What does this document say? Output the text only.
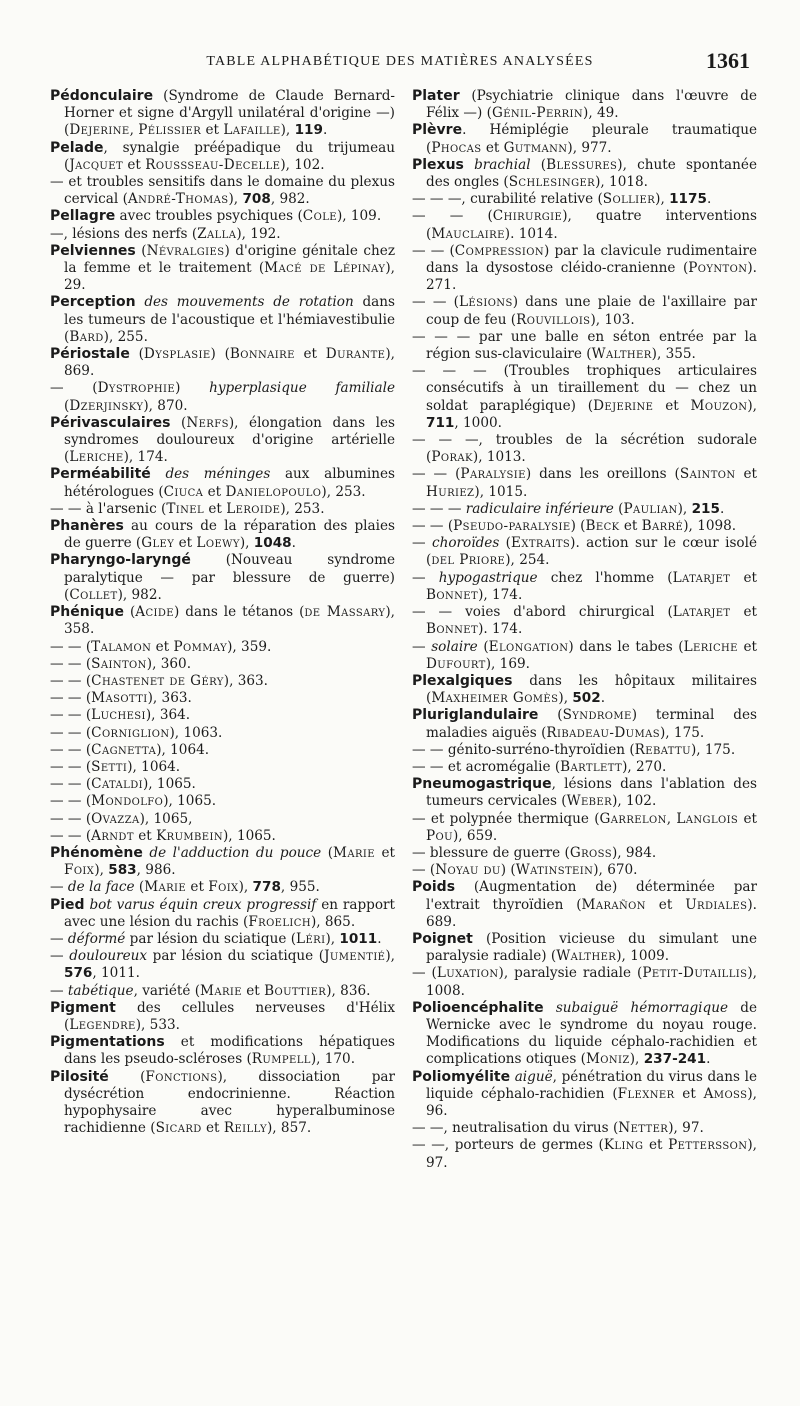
TABLE ALPHABÉTIQUE DES MATIÈRES ANALYSÉES	1361
Pédonculaire (Syndrome de Claude Bernard-Horner et signe d'Argyll unilatéral d'origine —) (Dejerine, Pélissier et Lafaille), 119.
Pelade, synalgie préépadique du trijumeau (Jacquet et Roussseau-Decelle), 102.
— et troubles sensitifs dans le domaine du plexus cervical (André-Thomas), 708, 982.
Pellagre avec troubles psychiques (Cole), 109.
—, lésions des nerfs (Zalla), 192.
Pelviennes (Névralgies) d'origine génitale chez la femme et le traitement (Macé de Lépinay), 29.
Perception des mouvements de rotation dans les tumeurs de l'acoustique et l'hémiavestibulie (Bard), 255.
Périostale (Dysplasie) (Bonnaire et Durante), 869.
— (Dystrophie) hyperplasique familiale (Dzerjinsky), 870.
Périvasculaires (Nerfs), élongation dans les syndromes douloureux d'origine artérielle (Leriche), 174.
Perméabilité des méninges aux albumines hétérologues (Ciuca et Danielopoulo), 253.
— — à l'arsenic (Tinel et Leroide), 253.
Phanères au cours de la réparation des plaies de guerre (Gley et Loewy), 1048.
Pharyngo-laryngé (Nouveau syndrome paralytique — par blessure de guerre) (Collet), 982.
Phénique (Acide) dans le tétanos (de Massary), 358.
— — (Talamon et Pommay), 359.
— — (Sainton), 360.
— — (Chastenet de Géry), 363.
— — (Masotti), 363.
— — (Luchesi), 364.
— — (Corniglion), 1063.
— — (Cagnetta), 1064.
— — (Setti), 1064.
— — (Cataldi), 1065.
— — (Mondolfo), 1065.
— — (Ovazza), 1065,
— — (Arndt et Krumbein), 1065.
Phénomène de l'adduction du pouce (Marie et Foix), 583, 986.
— de la face (Marie et Foix), 778, 955.
Pied bot varus équin creux progressif en rapport avec une lésion du rachis (Froelich), 865.
— déformé par lésion du sciatique (Léri), 1011.
— douloureux par lésion du sciatique (Jumentié), 576, 1011.
— tabétique, variété (Marie et Bouttier), 836.
Pigment des cellules nerveuses d'Hélix (Legendre), 533.
Pigmentations et modifications hépatiques dans les pseudo-scléroses (Rumpell), 170.
Pilosité (Fonctions), dissociation par dysécrétion endocrinienne. Réaction hypophysaire avec hyperalbuminose rachidienne (Sicard et Reilly), 857.
Plater (Psychiatrie clinique dans l'œuvre de Félix —) (Génil-Perrin), 49.
Plèvre. Hémiplégie pleurale traumatique (Phocas et Gutmann), 977.
Plexus brachial (Blessures), chute spontanée des ongles (Schlesinger), 1018.
— — —, curabilité relative (Sollier), 1175.
— — (Chirurgie), quatre interventions (Mauclaire). 1014.
— — (Compression) par la clavicule rudimentaire dans la dysostose cléido-cranienne (Poynton). 271.
— — (Lésions) dans une plaie de l'axillaire par coup de feu (Rouvillois), 103.
— — — par une balle en séton entrée par la région sus-claviculaire (Walther), 355.
— — — (Troubles trophiques articulaires consécutifs à un tiraillement du — chez un soldat paraplégique) (Dejerine et Mouzon), 711, 1000.
— — —, troubles de la sécrétion sudorale (Porak), 1013.
— — (Paralysie) dans les oreillons (Sainton et Huriez), 1015.
— — — radiculaire inférieure (Paulian), 215.
— — (Pseudo-paralysie) (Beck et Barré), 1098.
— choroïdes (Extraits). action sur le cœur isolé (del Priore), 254.
— hypogastrique chez l'homme (Latarjet et Bonnet), 174.
— — voies d'abord chirurgical (Latarjet et Bonnet). 174.
— solaire (Elongation) dans le tabes (Leriche et Dufourt), 169.
Plexalgiques dans les hôpitaux militaires (Maxheimer Gomès), 502.
Pluriglandulaire (Syndrome) terminal des maladies aiguës (Ribadeau-Dumas), 175.
— — génito-surréno-thyroïdien (Rebattu), 175.
— — et acromégalie (Bartlett), 270.
Pneumogastrique, lésions dans l'ablation des tumeurs cervicales (Weber), 102.
— et polypnée thermique (Garrelon, Langlois et Pou), 659.
— blessure de guerre (Gross), 984.
— (Noyau du) (Watinstein), 670.
Poids (Augmentation de) déterminée par l'extrait thyroïdien (Marañon et Urdiales). 689.
Poignet (Position vicieuse du simulant une paralysie radiale) (Walther), 1009.
— (Luxation), paralysie radiale (Petit-Dutaillis), 1008.
Polioencéphalite subaiguë hémorragique de Wernicke avec le syndrome du noyau rouge. Modifications du liquide céphalo-rachidien et complications otiques (Moniz), 237-241.
Poliomyélite aiguë, pénétration du virus dans le liquide céphalo-rachidien (Flexner et Amoss), 96.
— —, neutralisation du virus (Netter), 97.
— —, porteurs de germes (Kling et Pettersson), 97.
